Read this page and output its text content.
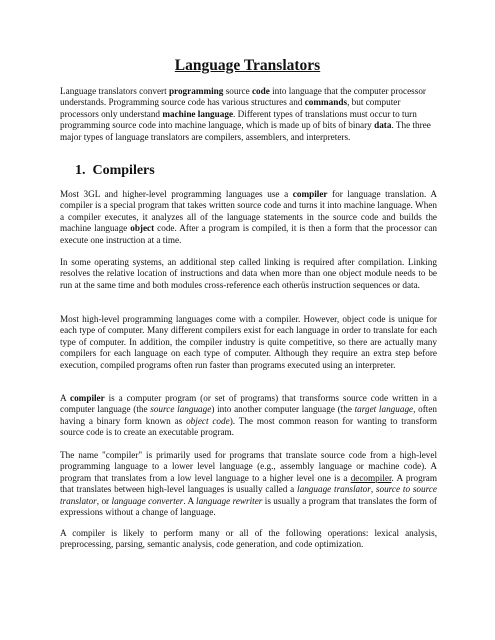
Language Translators

Language translators convert programming source code into language that the computer processor understands. Programming source code has various structures and commands, but computer processors only understand machine language. Different types of translations must occur to turn programming source code into machine language, which is made up of bits of binary data. The three major types of language translators are compilers, assemblers, and interpreters.

1. Compilers

Most 3GL and higher-level programming languages use a compiler for language translation. A compiler is a special program that takes written source code and turns it into machine language. When a compiler executes, it analyzes all of the language statements in the source code and builds the machine language object code. After a program is compiled, it is then a form that the processor can execute one instruction at a time.

In some operating systems, an additional step called linking is required after compilation. Linking resolves the relative location of instructions and data when more than one object module needs to be run at the same time and both modules cross-reference each otherüs instruction sequences or data.

Most high-level programming languages come with a compiler. However, object code is unique for each type of computer. Many different compilers exist for each language in order to translate for each type of computer. In addition, the compiler industry is quite competitive, so there are actually many compilers for each language on each type of computer. Although they require an extra step before execution, compiled programs often run faster than programs executed using an interpreter.

A compiler is a computer program (or set of programs) that transforms source code written in a computer language (the source language) into another computer language (the target language, often having a binary form known as object code). The most common reason for wanting to transform source code is to create an executable program.

The name "compiler" is primarily used for programs that translate source code from a high-level programming language to a lower level language (e.g., assembly language or machine code). A program that translates from a low level language to a higher level one is a decompiler. A program that translates between high-level languages is usually called a language translator, source to source translator, or language converter. A language rewriter is usually a program that translates the form of expressions without a change of language.

A compiler is likely to perform many or all of the following operations: lexical analysis, preprocessing, parsing, semantic analysis, code generation, and code optimization.
